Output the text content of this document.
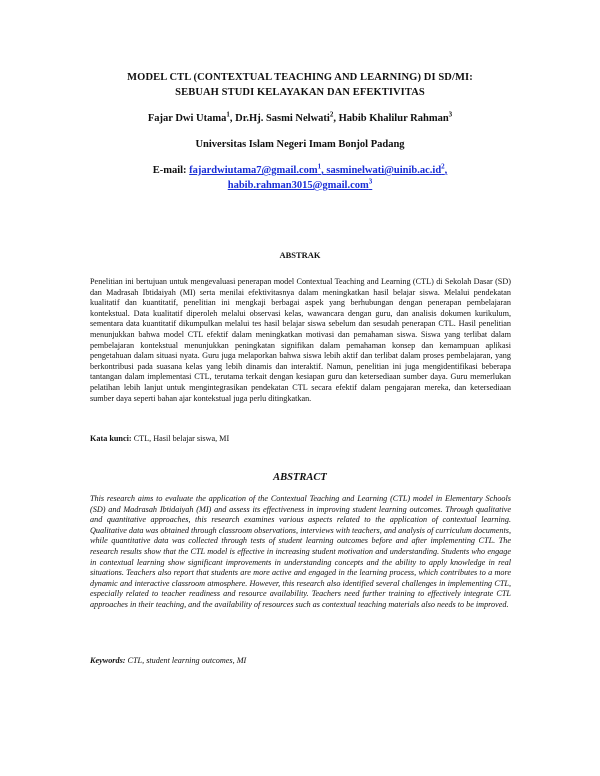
MODEL CTL (CONTEXTUAL TEACHING AND LEARNING) DI SD/MI:
SEBUAH STUDI KELAYAKAN DAN EFEKTIVITAS
Fajar Dwi Utama$^1$, Dr.Hj. Sasmi Nelwati$^2$, Habib Khalilur Rahman$^3$
Universitas Islam Negeri Imam Bonjol Padang
E-mail: fajardwiutama7@gmail.com$^1$, $sasminelwati@uinib.ac.id^2$,
habib.rahman3015@gmail.com$^3$
ABSTRAK
Penelitian ini bertujuan untuk mengevaluasi penerapan model Contextual Teaching and Learning (CTL) di Sekolah Dasar (SD) dan Madrasah Ibtidaiyah (MI) serta menilai efektivitasnya dalam meningkatkan hasil belajar siswa. Melalui pendekatan kualitatif dan kuantitatif, penelitian ini mengkaji berbagai aspek yang berhubungan dengan penerapan pembelajaran kontekstual. Data kualitatif diperoleh melalui observasi kelas, wawancara dengan guru, dan analisis dokumen kurikulum, sementara data kuantitatif dikumpulkan melalui tes hasil belajar siswa sebelum dan sesudah penerapan CTL. Hasil penelitian menunjukkan bahwa model CTL efektif dalam meningkatkan motivasi dan pemahaman siswa. Siswa yang terlibat dalam pembelajaran kontekstual menunjukkan peningkatan signifikan dalam pemahaman konsep dan kemampuan aplikasi pengetahuan dalam situasi nyata. Guru juga melaporkan bahwa siswa lebih aktif dan terlibat dalam proses pembelajaran, yang berkontribusi pada suasana kelas yang lebih dinamis dan interaktif. Namun, penelitian ini juga mengidentifikasi beberapa tantangan dalam implementasi CTL, terutama terkait dengan kesiapan guru dan ketersediaan sumber daya. Guru memerlukan pelatihan lebih lanjut untuk mengintegrasikan pendekatan CTL secara efektif dalam pengajaran mereka, dan ketersediaan sumber daya seperti bahan ajar kontekstual juga perlu ditingkatkan.
Kata kunci: CTL, Hasil belajar siswa, MI
ABSTRACT
This research aims to evaluate the application of the Contextual Teaching and Learning (CTL) model in Elementary Schools (SD) and Madrasah Ibtidaiyah (MI) and assess its effectiveness in improving student learning outcomes. Through qualitative and quantitative approaches, this research examines various aspects related to the application of contextual learning. Qualitative data was obtained through classroom observations, interviews with teachers, and analysis of curriculum documents, while quantitative data was collected through tests of student learning outcomes before and after implementing CTL. The research results show that the CTL model is effective in increasing student motivation and understanding. Students who engage in contextual learning show significant improvements in understanding concepts and the ability to apply knowledge in real situations. Teachers also report that students are more active and engaged in the learning process, which contributes to a more dynamic and interactive classroom atmosphere. However, this research also identified several challenges in implementing CTL, especially related to teacher readiness and resource availability. Teachers need further training to effectively integrate CTL approaches in their teaching, and the availability of resources such as contextual teaching materials also needs to be improved.
Keywords: CTL, student learning outcomes, MI
